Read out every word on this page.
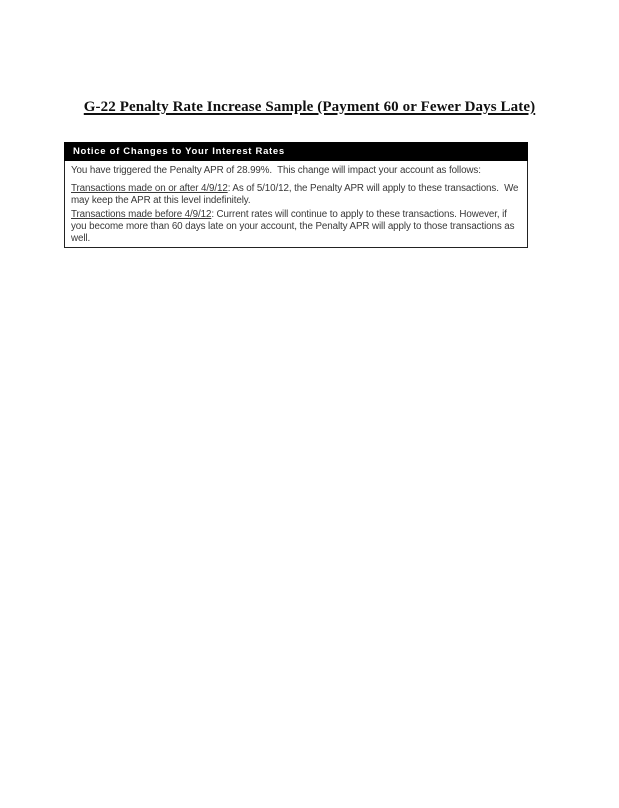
G-22 Penalty Rate Increase Sample (Payment 60 or Fewer Days Late)
Notice of Changes to Your Interest Rates

You have triggered the Penalty APR of 28.99%.  This change will impact your account as follows:

Transactions made on or after 4/9/12: As of 5/10/12, the Penalty APR will apply to these transactions.  We may keep the APR at this level indefinitely.

Transactions made before 4/9/12: Current rates will continue to apply to these transactions. However, if you become more than 60 days late on your account, the Penalty APR will apply to those transactions as well.
